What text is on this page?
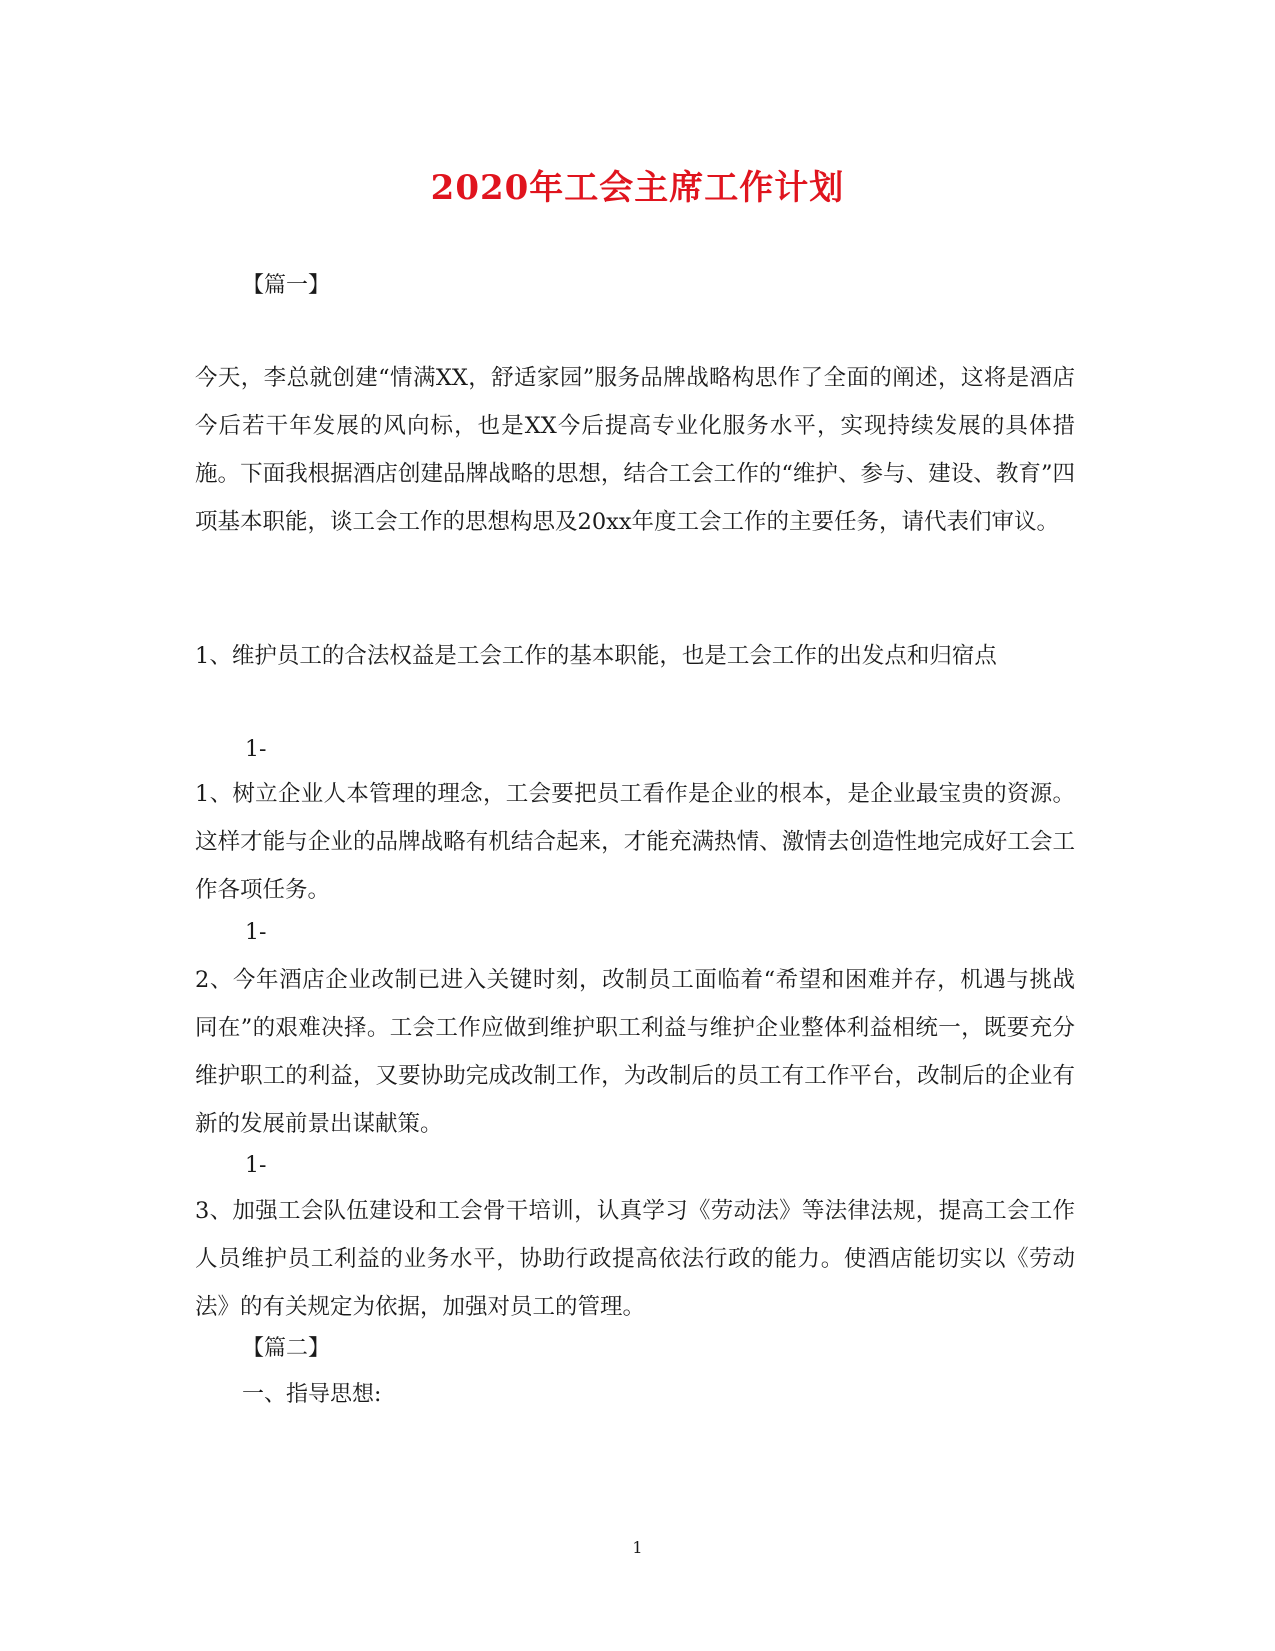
2020年工会主席工作计划
【篇一】
今天，李总就创建“情满XX，舒适家园”服务品牌战略构思作了全面的阐述，这将是酒店今后若干年发展的风向标，也是XX今后提高专业化服务水平，实现持续发展的具体措施。下面我根据酒店创建品牌战略的思想，结合工会工作的“维护、参与、建设、教育”四项基本职能，谈工会工作的思想构思及20xx年度工会工作的主要任务，请代表们审议。
1、维护员工的合法权益是工会工作的基本职能，也是工会工作的出发点和归宿点
1-
1、树立企业人本管理的理念，工会要把员工看作是企业的根本，是企业最宝贵的资源。这样才能与企业的品牌战略有机结合起来，才能充满热情、激情去创造性地完成好工会工作各项任务。
1-
2、今年酒店企业改制已进入关键时刻，改制员工面临着“希望和困难并存，机遇与挑战同在”的艰难决择。工会工作应做到维护职工利益与维护企业整体利益相统一，既要充分维护职工的利益，又要协助完成改制工作，为改制后的员工有工作平台，改制后的企业有新的发展前景出谋献策。
1-
3、加强工会队伍建设和工会骨干培训，认真学习《劳动法》等法律法规，提高工会工作人员维护员工利益的业务水平，协助行政提高依法行政的能力。使酒店能切实以《劳动法》的有关规定为依据，加强对员工的管理。
【篇二】
一、指导思想:
1
